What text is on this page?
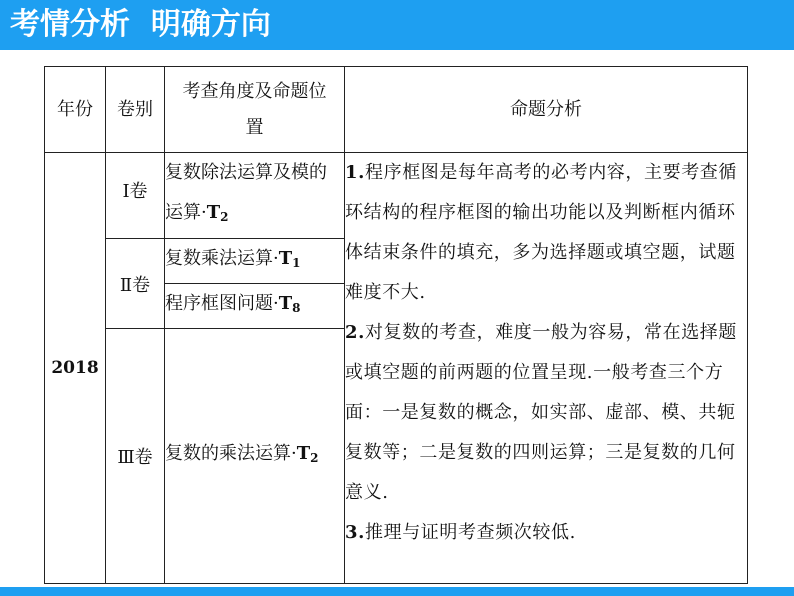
考情分析  明确方向
年份	卷别	考查角度及命题位置	命题分析
2018	Ⅰ卷	复数除法运算及模的运算$\cdot T_2$	1.程序框图是每年高考的必考内容，主要考查循环结构的程序框图的输出功能以及判断框内循环体结束条件的填充，多为选择题或填空题，试题难度不大.

2.对复数的考查，难度一般为容易，常在选择题或填空题的前两题的位置呈现.一般考查三个方面：一是复数的概念，如实部、虚部、模、共轭复数等；二是复数的四则运算；三是复数的几何意义.

3.推理与证明考查频次较低.

	Ⅱ卷	复数乘法运算$\cdot T_1$
		程序框图问题$\cdot T_8$
	Ⅲ卷	复数的乘法运算$\cdot T_2$
